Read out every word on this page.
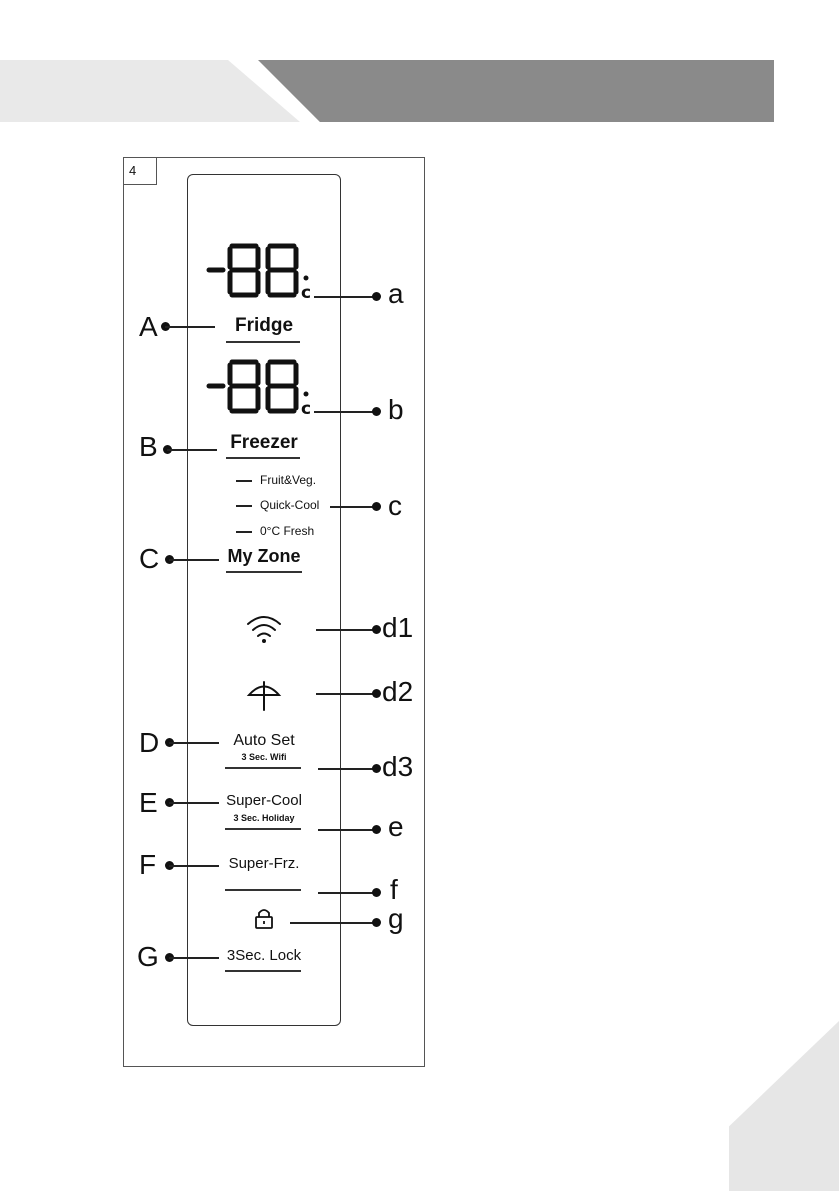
4
c
Fridge
c
Freezer
Fruit&Veg.
Quick-Cool
0°C Fresh
My Zone
Auto Set
3 Sec. Wifi
Super-Cool
3 Sec. Holiday
Super-Frz.
3Sec. Lock
A
B
C
D
E
F
G
a
b
c
d1
d2
d3
e
f
g
